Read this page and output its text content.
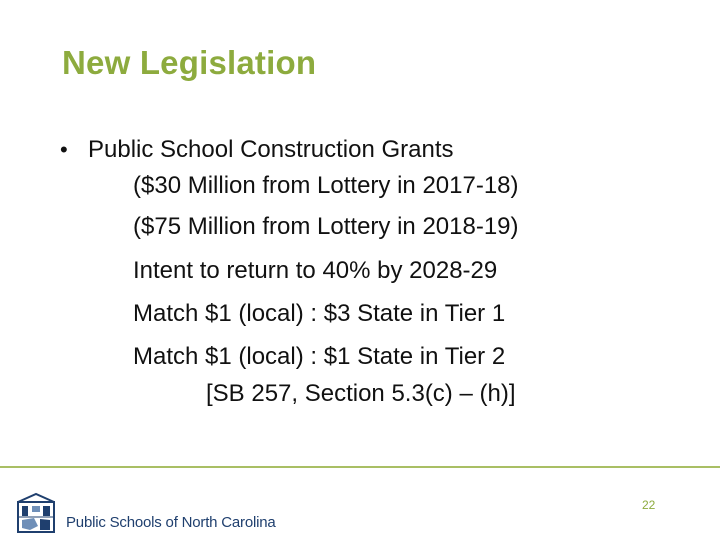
New Legislation
• Public School Construction Grants
($30 Million from Lottery in 2017-18)
($75 Million from Lottery in 2018-19)
Intent to return to 40% by 2028-29
Match $1 (local) : $3 State in Tier 1
Match $1 (local) : $1 State in Tier 2
[SB 257, Section 5.3(c) – (h)]
22
Public Schools of North Carolina
